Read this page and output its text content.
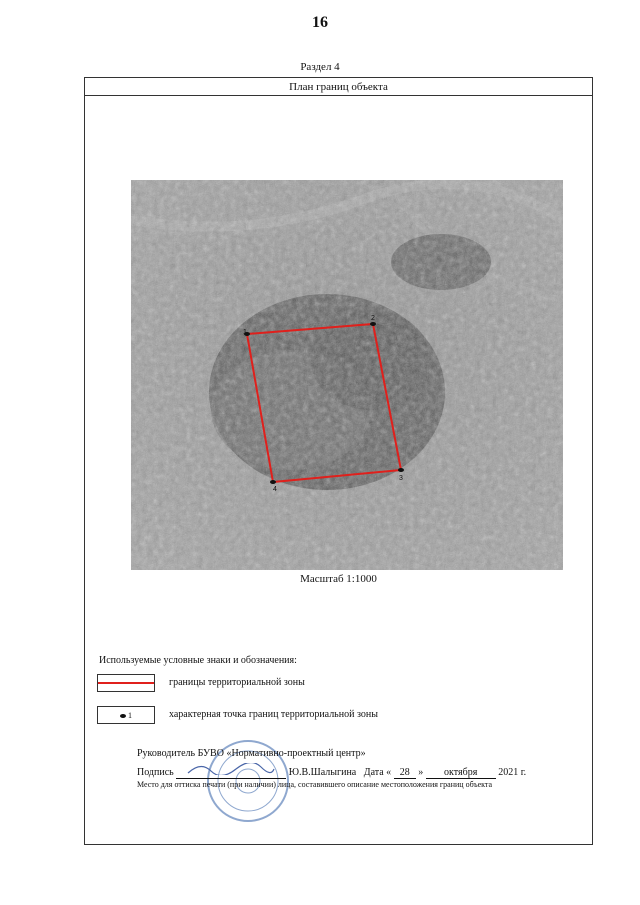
16
Раздел 4
План границ объекта
1
2
3
4
Масштаб 1:1000
Используемые условные знаки и обозначения:
границы территориальной зоны
1	характерная точка границ территориальной зоны
Руководитель БУВО «Нормативно-проектный центр»
Подпись	Ю.В.Шалыгина Дата « 28 » октября 2021 г.
Место для оттиска печати (при наличии) лица, составившего описание местоположения границ объекта
